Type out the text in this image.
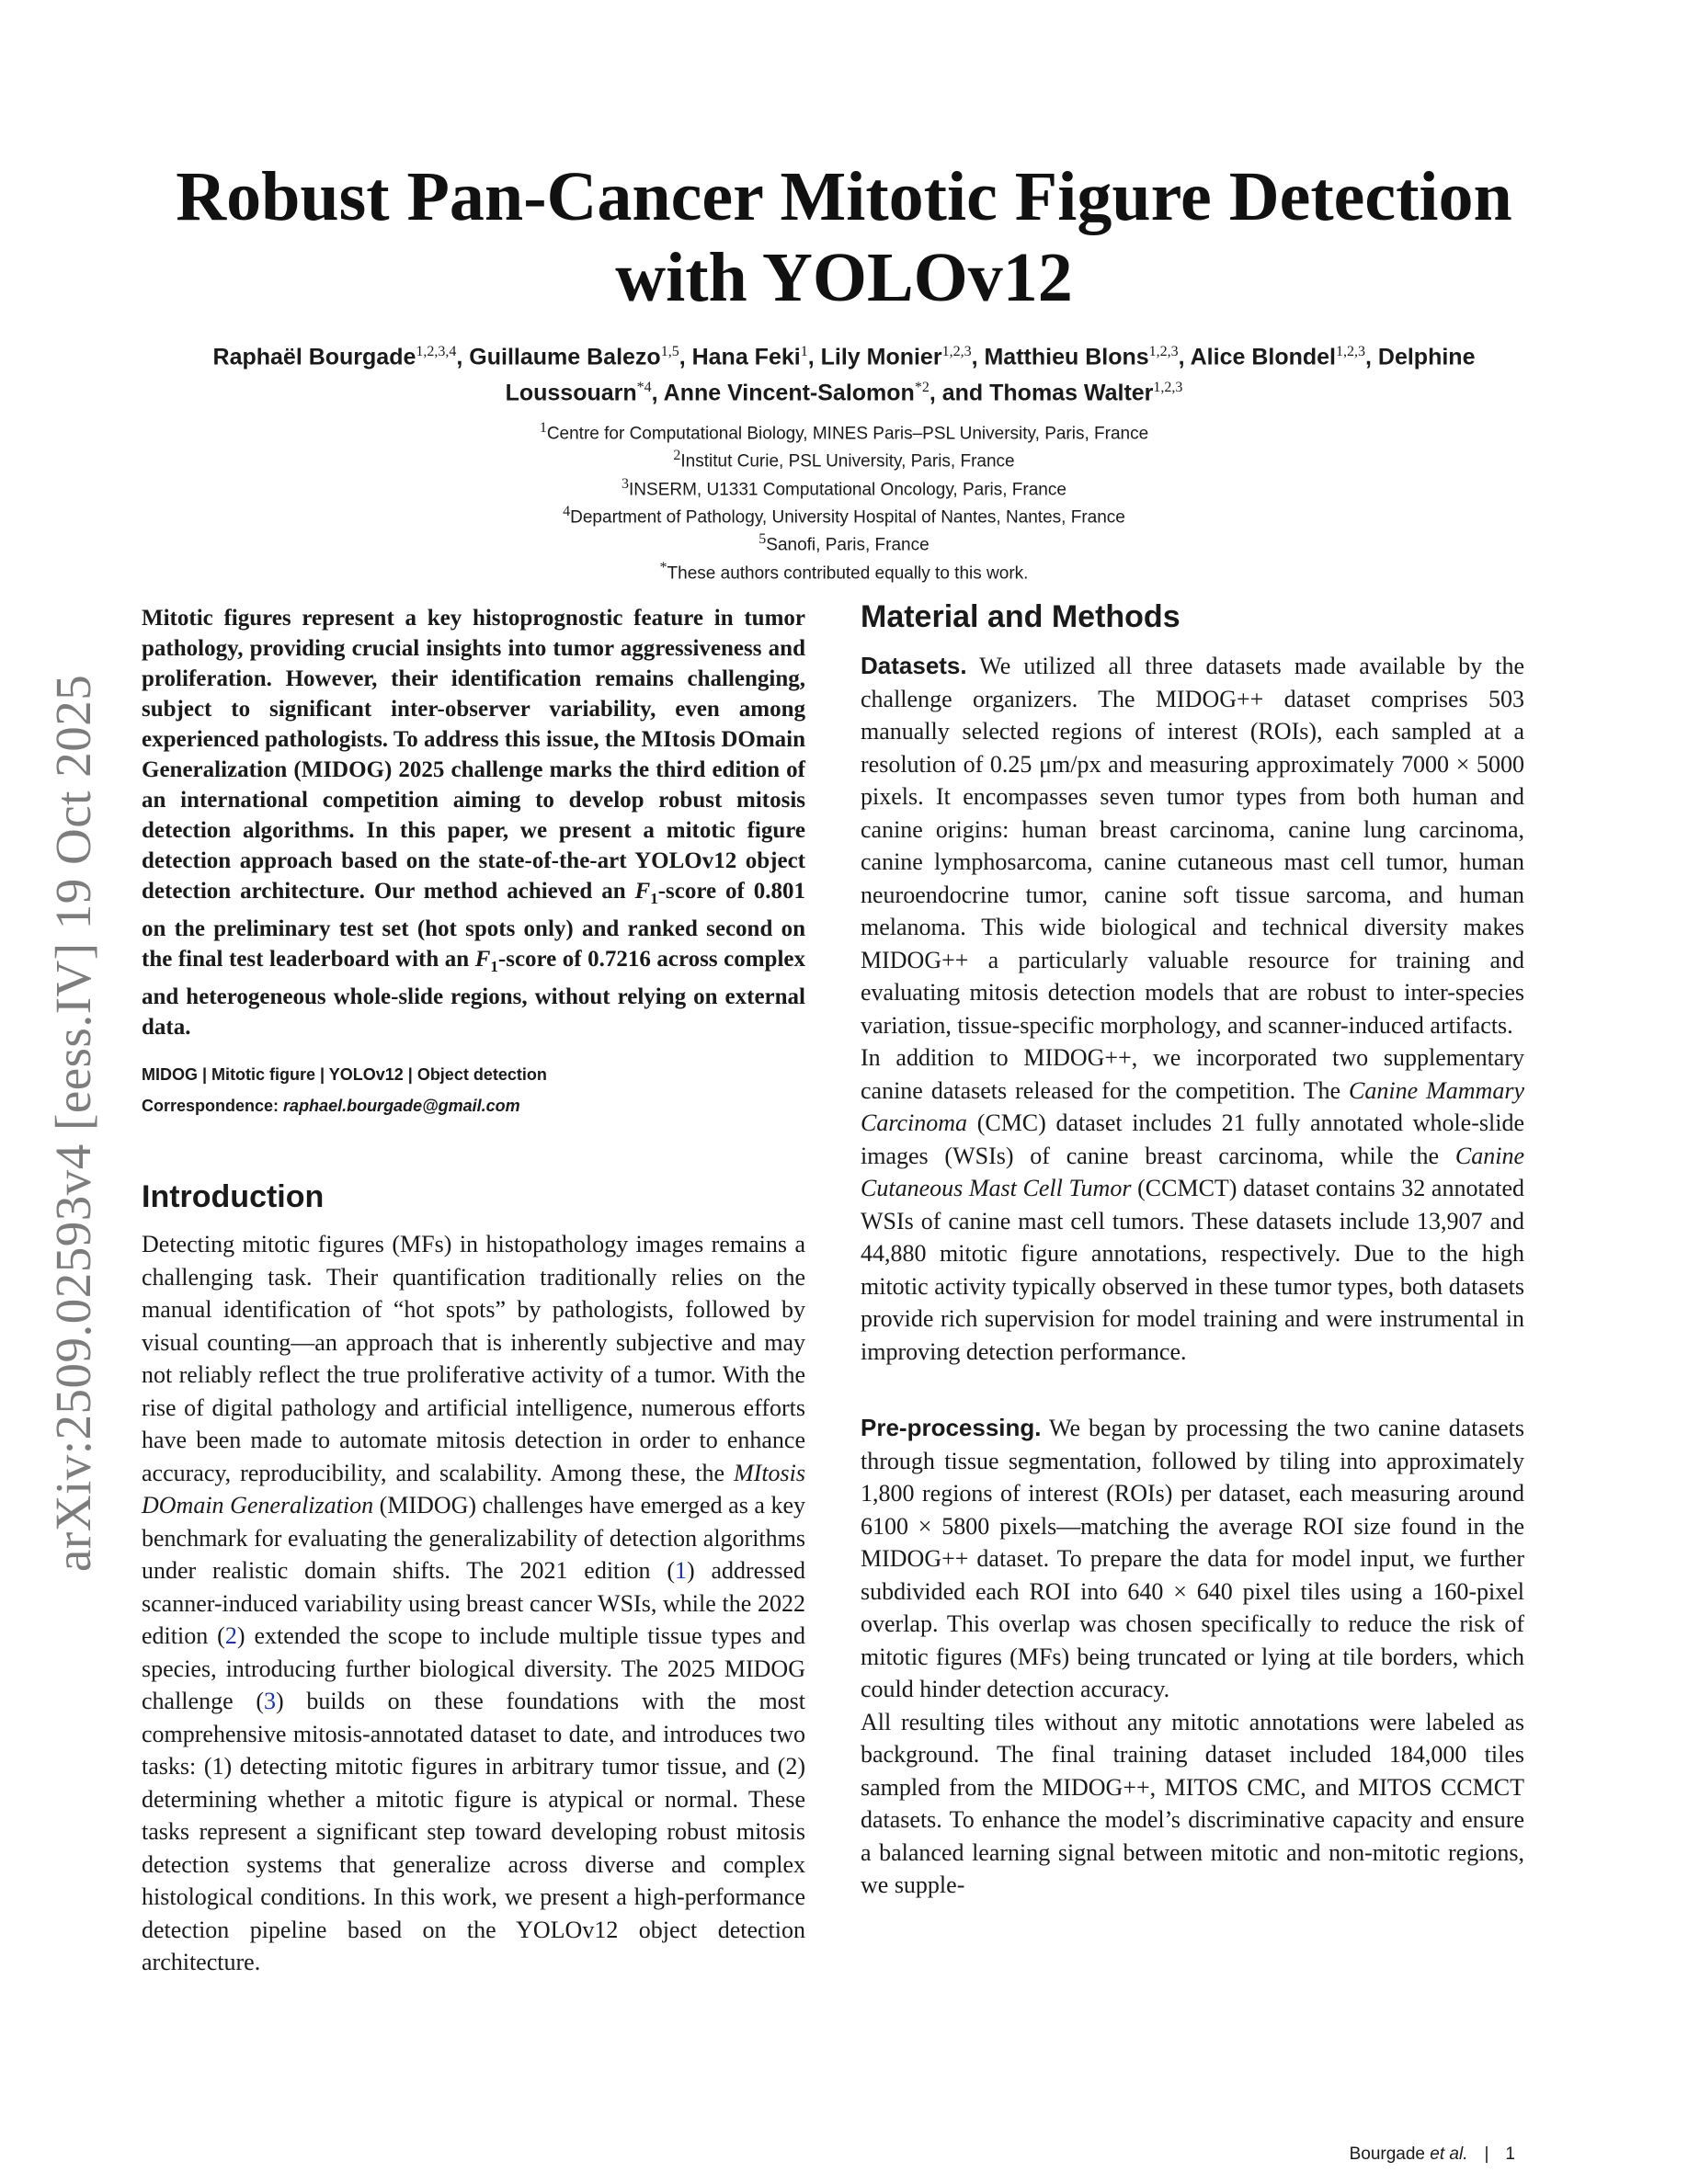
arXiv:2509.02593v4 [eess.IV] 19 Oct 2025
Robust Pan-Cancer Mitotic Figure Detection
with YOLOv12
Raphaël Bourgade$^{1,2,3,4}$, Guillaume Balezo$^{1,5}$, Hana Feki$^1$, Lily Monier$^{1,2,3}$, Matthieu Blons$^{1,2,3}$, Alice Blondel$^{1,2,3}$, Delphine Loussouarn$^{*4}$, Anne Vincent-Salomon$^{*2}$, and Thomas Walter$^{1,2,3}$
$^1$Centre for Computational Biology, MINES Paris–PSL University, Paris, France
$^2$Institut Curie, PSL University, Paris, France
$^3$INSERM, U1331 Computational Oncology, Paris, France
$^4$Department of Pathology, University Hospital of Nantes, Nantes, France
$^5$Sanofi, Paris, France
*These authors contributed equally to this work.

Mitotic figures represent a key histoprognostic feature in tumor pathology, providing crucial insights into tumor aggressiveness and proliferation. However, their identification remains challenging, subject to significant inter-observer variability, even among experienced pathologists. To address this issue, the MItosis DOmain Generalization (MIDOG) 2025 challenge marks the third edition of an international competition aiming to develop robust mitosis detection algorithms. In this paper, we present a mitotic figure detection approach based on the state-of-the-art YOLOv12 object detection architecture. Our method achieved an $F_1$-score of 0.801 on the preliminary test set (hot spots only) and ranked second on the final test leaderboard with an $F_1$-score of 0.7216 across complex and heterogeneous whole-slide regions, without relying on external data.

MIDOG | Mitotic figure | YOLOv12 | Object detection
Correspondence: raphael.bourgade@gmail.com
Introduction

Detecting mitotic figures (MFs) in histopathology images remains a challenging task. Their quantification traditionally relies on the manual identification of “hot spots” by pathologists, followed by visual counting—an approach that is inherently subjective and may not reliably reflect the true proliferative activity of a tumor. With the rise of digital pathology and artificial intelligence, numerous efforts have been made to automate mitosis detection in order to enhance accuracy, reproducibility, and scalability. Among these, the MItosis DOmain Generalization (MIDOG) challenges have emerged as a key benchmark for evaluating the generalizability of detection algorithms under realistic domain shifts. The 2021 edition (1) addressed scanner-induced variability using breast cancer WSIs, while the 2022 edition (2) extended the scope to include multiple tissue types and species, introducing further biological diversity. The 2025 MIDOG challenge (3) builds on these foundations with the most comprehensive mitosis-annotated dataset to date, and introduces two tasks: (1) detecting mitotic figures in arbitrary tumor tissue, and (2) determining whether a mitotic figure is atypical or normal. These tasks represent a significant step toward developing robust mitosis detection systems that generalize across diverse and complex histological conditions. In this work, we present a high-performance detection pipeline based on the YOLOv12 object detection architecture.

Material and Methods

Datasets. We utilized all three datasets made available by the challenge organizers. The MIDOG++ dataset comprises 503 manually selected regions of interest (ROIs), each sampled at a resolution of 0.25 μm/px and measuring approximately 7000 × 5000 pixels. It encompasses seven tumor types from both human and canine origins: human breast carcinoma, canine lung carcinoma, canine lymphosarcoma, canine cutaneous mast cell tumor, human neuroendocrine tumor, canine soft tissue sarcoma, and human melanoma. This wide biological and technical diversity makes MIDOG++ a particularly valuable resource for training and evaluating mitosis detection models that are robust to inter-species variation, tissue-specific morphology, and scanner-induced artifacts.

In addition to MIDOG++, we incorporated two supplementary canine datasets released for the competition. The Canine Mammary Carcinoma (CMC) dataset includes 21 fully annotated whole-slide images (WSIs) of canine breast carcinoma, while the Canine Cutaneous Mast Cell Tumor (CCMCT) dataset contains 32 annotated WSIs of canine mast cell tumors. These datasets include 13,907 and 44,880 mitotic figure annotations, respectively. Due to the high mitotic activity typically observed in these tumor types, both datasets provide rich supervision for model training and were instrumental in improving detection performance.

Pre-processing. We began by processing the two canine datasets through tissue segmentation, followed by tiling into approximately 1,800 regions of interest (ROIs) per dataset, each measuring around 6100 × 5800 pixels—matching the average ROI size found in the MIDOG++ dataset. To prepare the data for model input, we further subdivided each ROI into 640 × 640 pixel tiles using a 160-pixel overlap. This overlap was chosen specifically to reduce the risk of mitotic figures (MFs) being truncated or lying at tile borders, which could hinder detection accuracy.

All resulting tiles without any mitotic annotations were labeled as background. The final training dataset included 184,000 tiles sampled from the MIDOG++, MITOS CMC, and MITOS CCMCT datasets. To enhance the model’s discriminative capacity and ensure a balanced learning signal between mitotic and non-mitotic regions, we supple-

Bourgade et al. | 1
